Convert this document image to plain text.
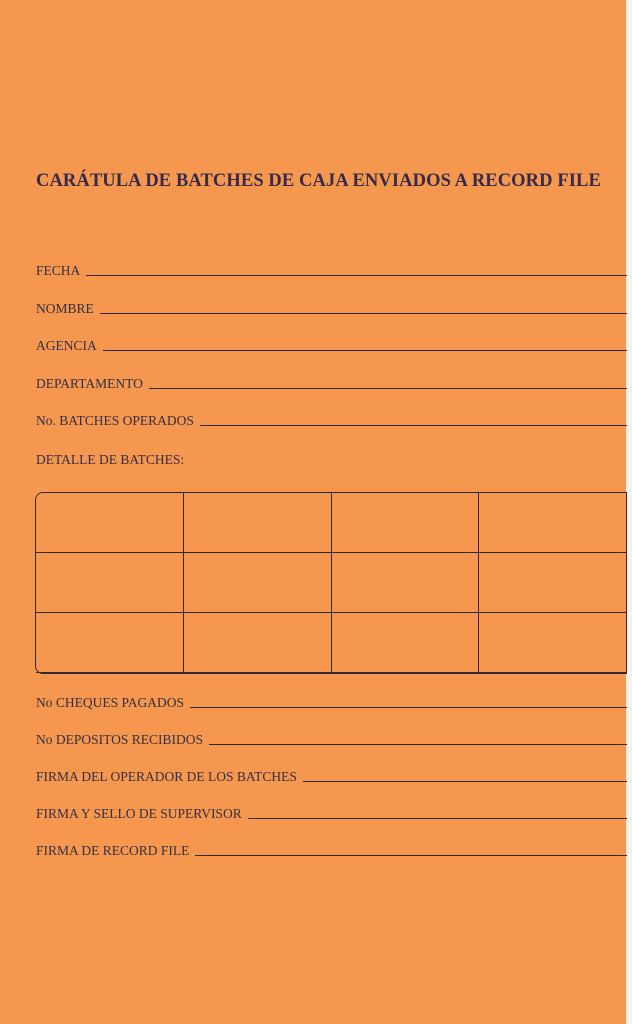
CARÁTULA DE BATCHES DE CAJA ENVIADOS A RECORD FILE
FECHA
NOMBRE
AGENCIA
DEPARTAMENTO
No. BATCHES OPERADOS
DETALLE DE BATCHES:

No CHEQUES PAGADOS
No DEPOSITOS RECIBIDOS
FIRMA DEL OPERADOR DE LOS BATCHES
FIRMA Y SELLO DE SUPERVISOR
FIRMA DE RECORD FILE
